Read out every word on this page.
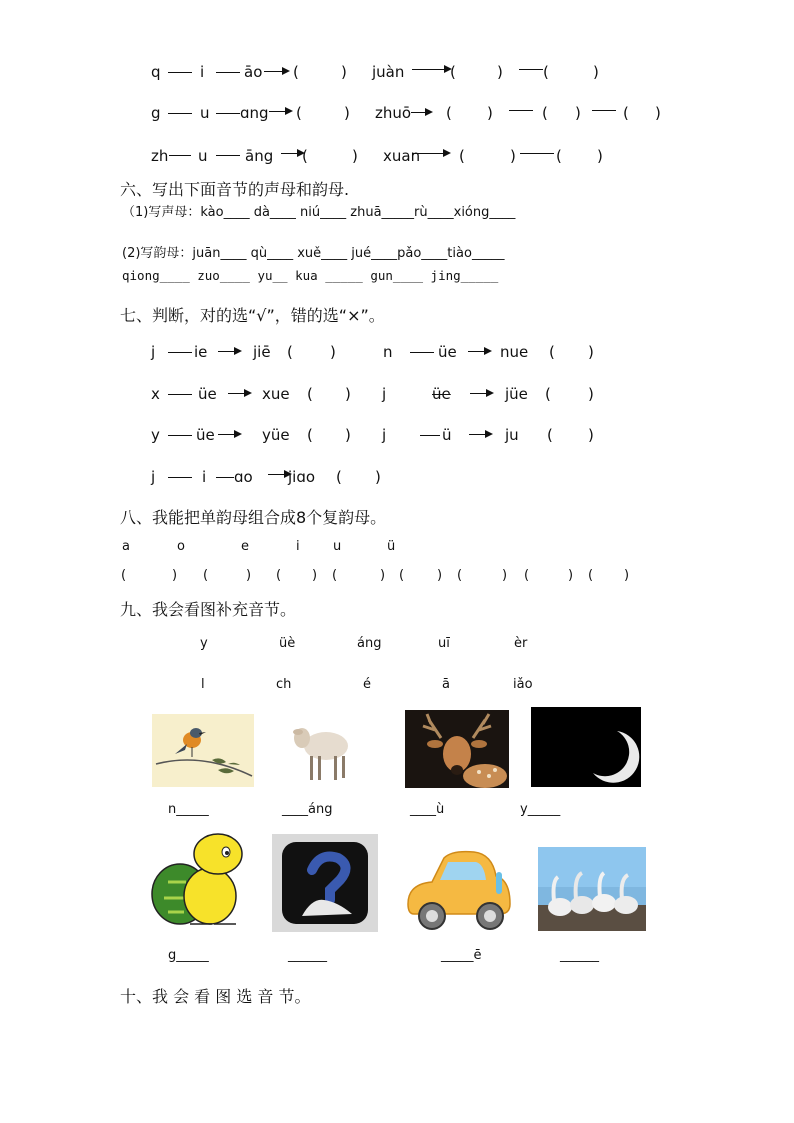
q	i	āo (	) juàn	(	)	(	)
g	u ɑng (	) zhuō ( )	( )	( )
zh u āng (	) xuan	(	)	( )
六、写出下面音节的声母和韵母.
（1)写声母：kào____ dà____ niú____ zhuā_____rù____xióng____
(2)写韵母：juān____ qù____ xuě____ jué____pǎo____tiào_____
qiong____ zuo____ yu__ kua _____ gun____ jing_____
七、判断，对的选“√”，错的选“×”。
j	ie	jiē ( )	n	üe	nue ( )
x	üe	xue ( ) j	üe	jüe ( )
y üe	yüe ( ) j	ü	ju ( )
j	i ɑo jiɑo ( )
八、我能把单韵母组合成8个复韵母。
a	o	e	i	u	ü
(	) (	) ( ) (	) (	) (	) (	) ( )
九、我会看图补充音节。
y	üè	áng	uī	èr
l	ch	é	ā	iǎo
n_____	____áng	____ù	y_____
g_____	______	_____ē	______
十、我 会 看 图 选 音 节。
